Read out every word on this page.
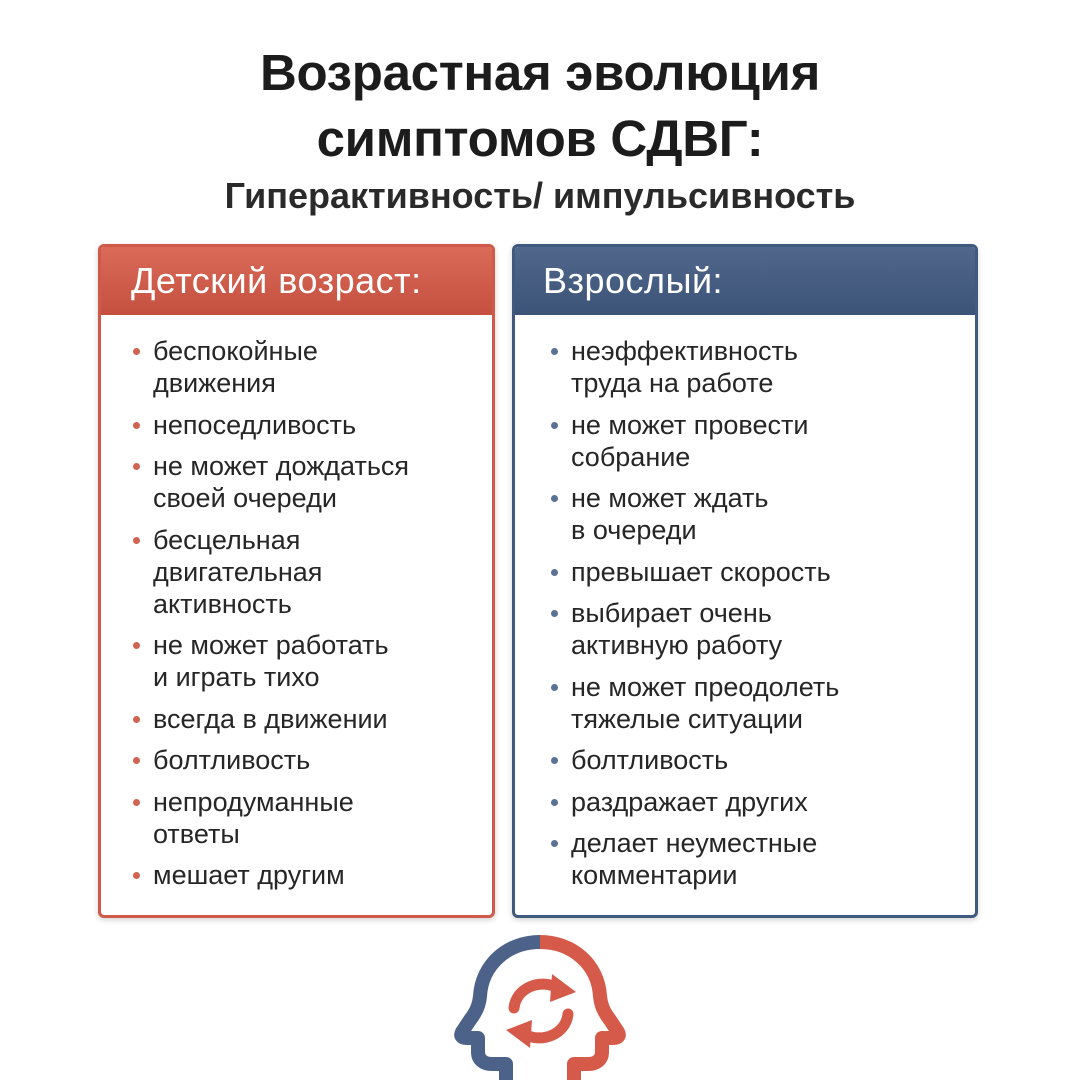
Возрастная эволюция
симптомов СДВГ:
Гиперактивность/ импульсивность
Детский возраст:
беспокойные
движения
непоседливость
не может дождаться
своей очереди
бесцельная
двигательная
активность
не может работать
и играть тихо
всегда в движении
болтливость
непродуманные
ответы
мешает другим
Взрослый:
неэффективность
труда на работе
не может провести
собрание
не может ждать
в очереди
превышает скорость
выбирает очень
активную работу
не может преодолеть
тяжелые ситуации
болтливость
раздражает других
делает неуместные
комментарии
